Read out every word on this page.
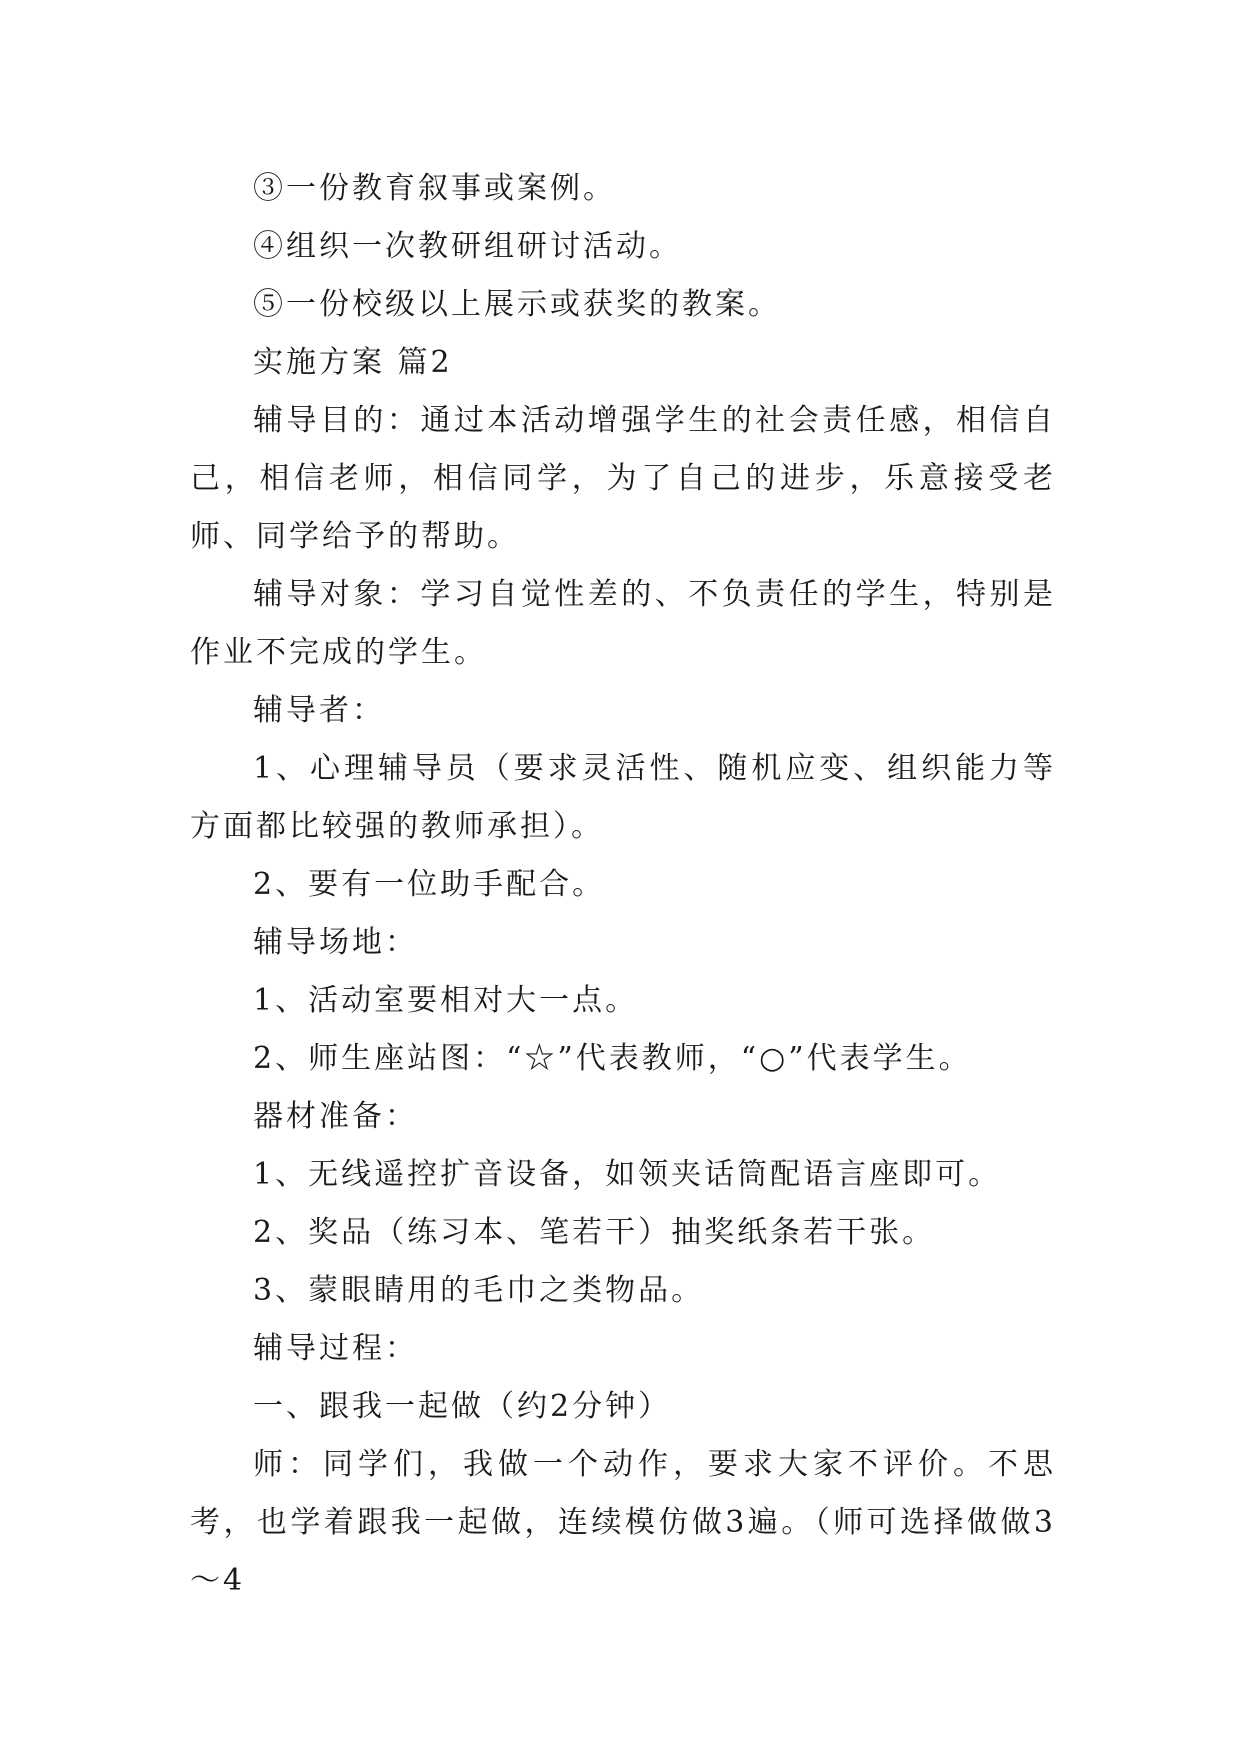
③一份教育叙事或案例。

④组织一次教研组研讨活动。

⑤一份校级以上展示或获奖的教案。

实施方案 篇2

辅导目的：通过本活动增强学生的社会责任感，相信自己，相信老师，相信同学，为了自己的进步，乐意接受老师、同学给予的帮助。

辅导对象：学习自觉性差的、不负责任的学生，特别是作业不完成的学生。

辅导者：

1、心理辅导员（要求灵活性、随机应变、组织能力等方面都比较强的教师承担）。

2、要有一位助手配合。

辅导场地：

1、活动室要相对大一点。

2、师生座站图：“☆”代表教师，“○”代表学生。

器材准备：

1、无线遥控扩音设备，如领夹话筒配语言座即可。

2、奖品（练习本、笔若干）抽奖纸条若干张。

3、蒙眼睛用的毛巾之类物品。

辅导过程：

一、跟我一起做（约2分钟）

师：同学们，我做一个动作，要求大家不评价。不思考，也学着跟我一起做，连续模仿做3遍。（师可选择做做3～4
